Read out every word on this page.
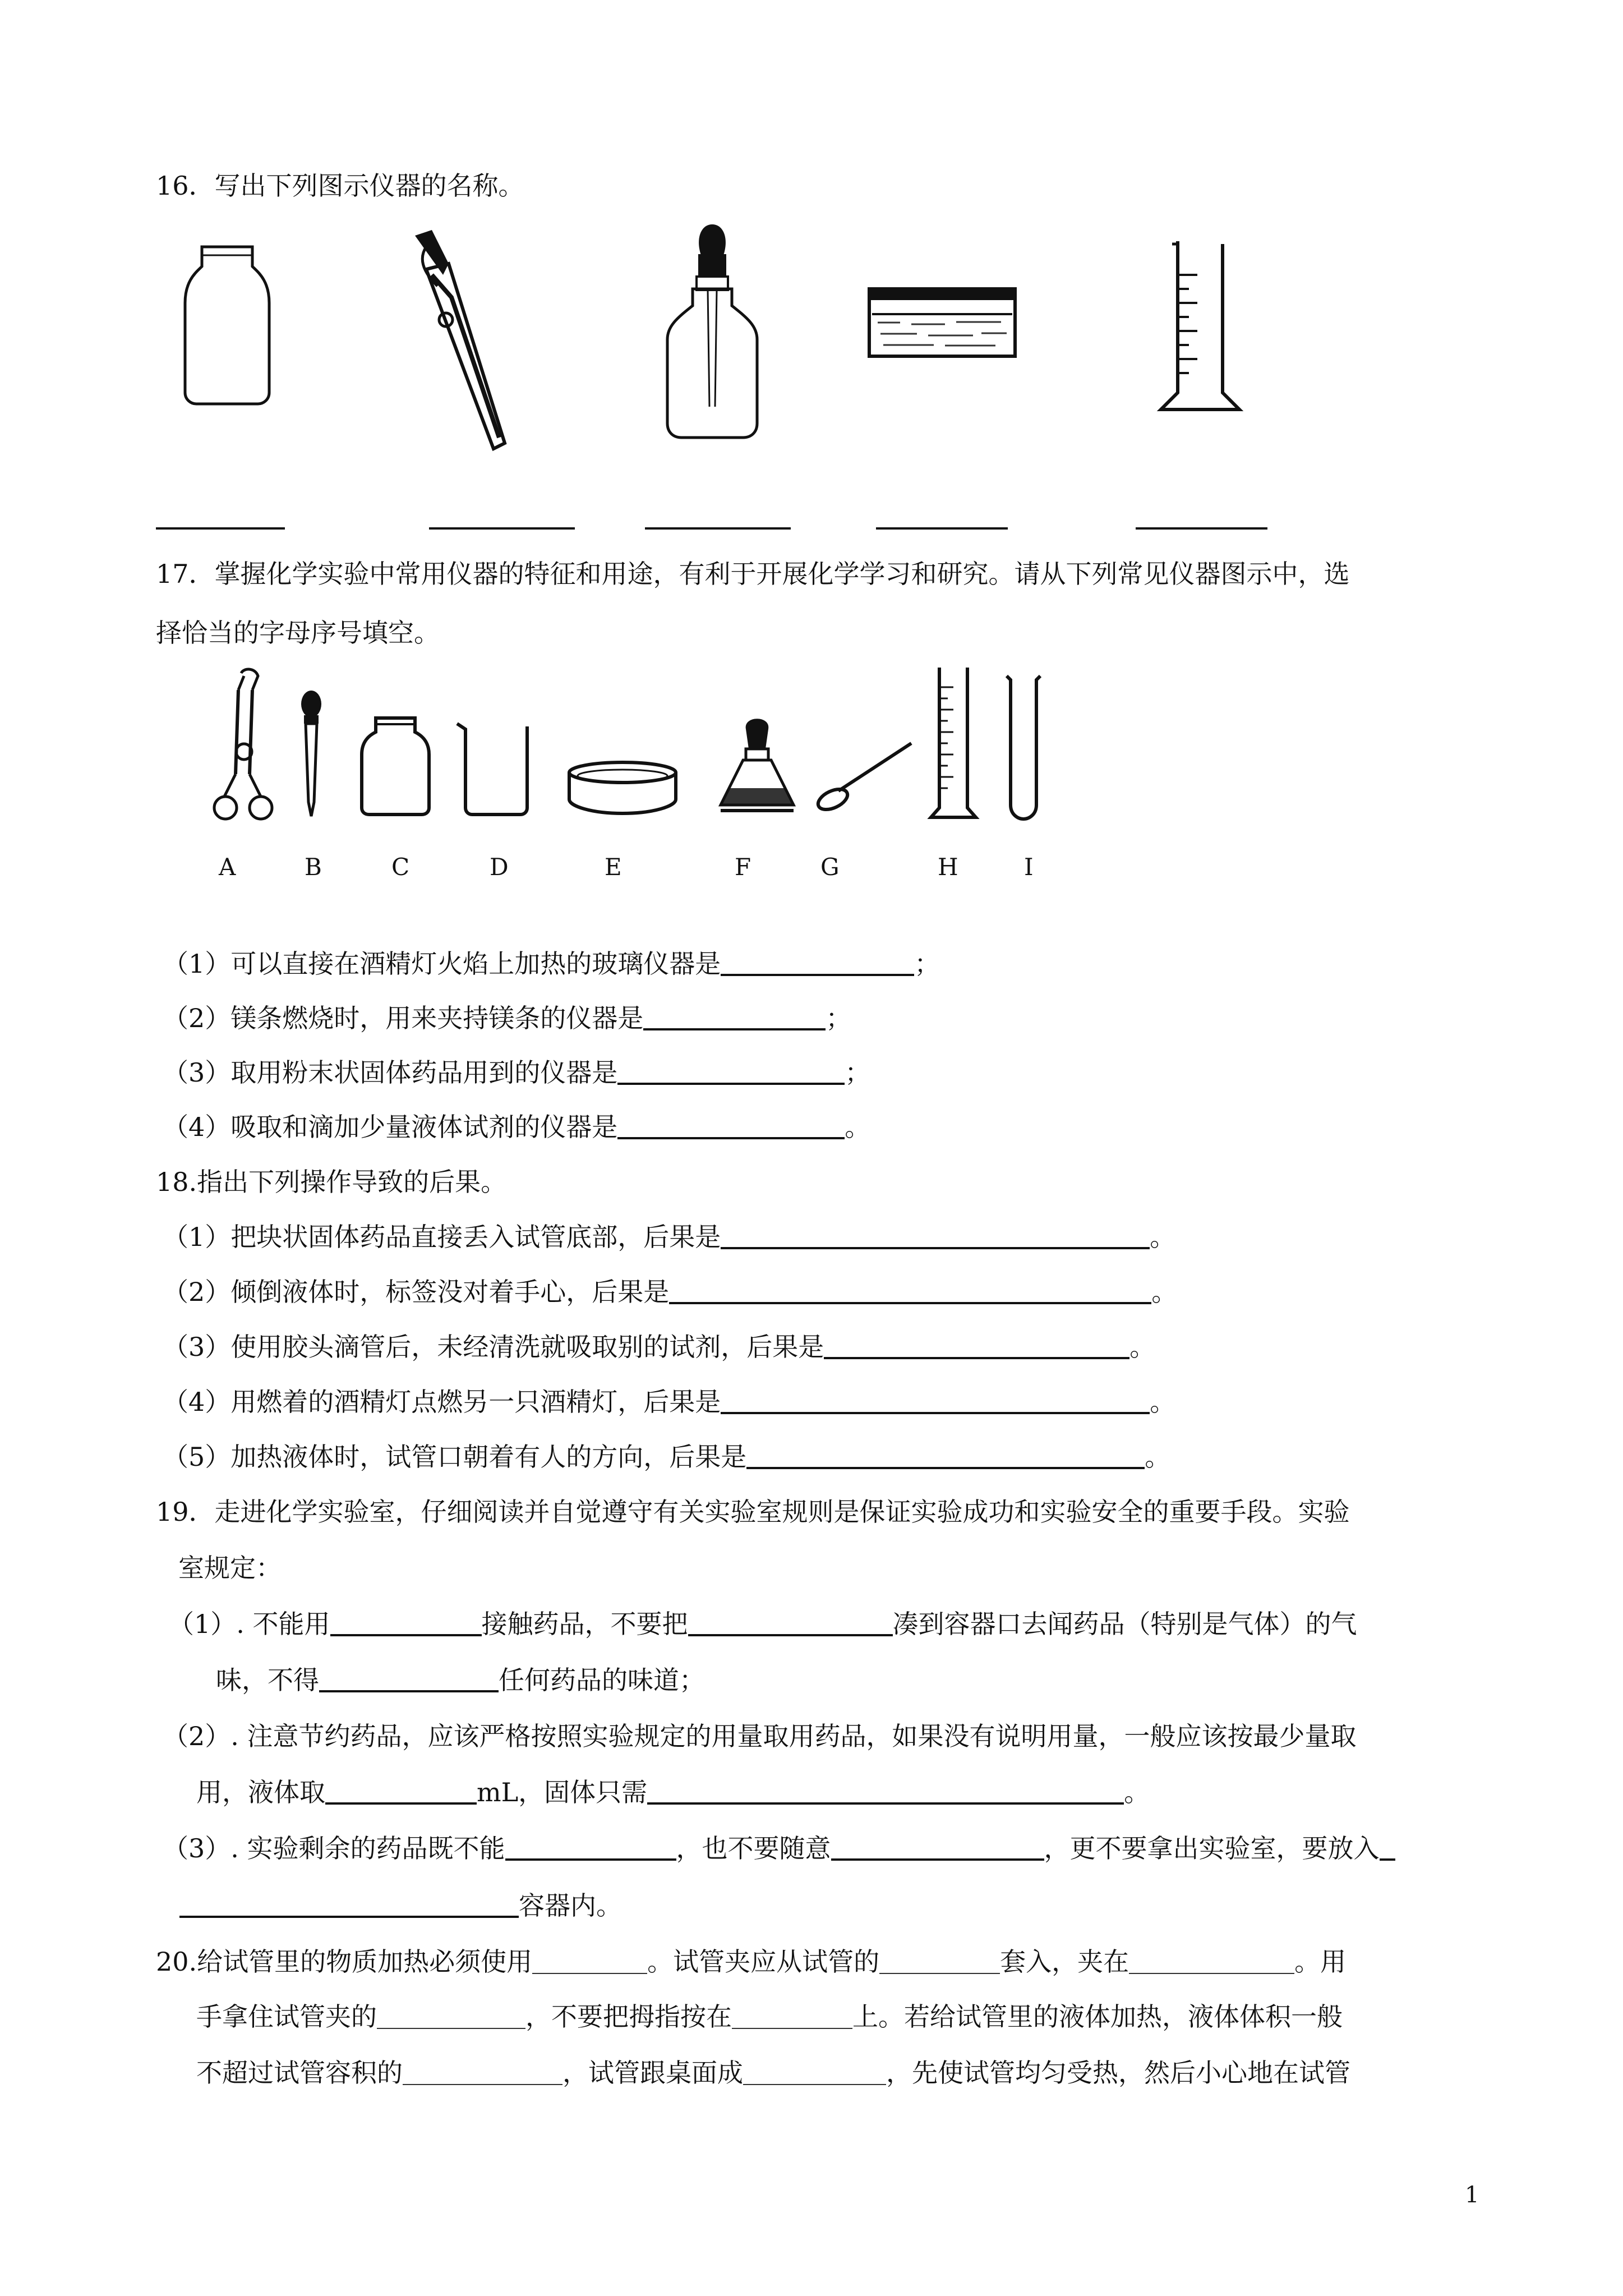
16．写出下列图示仪器的名称。
17．掌握化学实验中常用仪器的特征和用途，有利于开展化学学习和研究。请从下列常见仪器图示中，选
择恰当的字母序号填空。
A	B	C	D	E	F	G	H	I
（1）可以直接在酒精灯火焰上加热的玻璃仪器是	；
（2）镁条燃烧时，用来夹持镁条的仪器是	；
（3）取用粉末状固体药品用到的仪器是	；
（4）吸取和滴加少量液体试剂的仪器是	。
18.指出下列操作导致的后果。
（1）把块状固体药品直接丢入试管底部，后果是	。
（2）倾倒液体时，标签没对着手心，后果是	。
（3）使用胶头滴管后，未经清洗就吸取别的试剂，后果是	。
（4）用燃着的酒精灯点燃另一只酒精灯，后果是	。
（5）加热液体时，试管口朝着有人的方向，后果是	。
19．走进化学实验室，仔细阅读并自觉遵守有关实验室规则是保证实验成功和实验安全的重要手段。实验
室规定：
（1）. 不能用	接触药品，不要把	凑到容器口去闻药品（特别是气体）的气
味，不得	任何药品的味道；
（2）. 注意节约药品，应该严格按照实验规定的用量取用药品，如果没有说明用量，一般应该按最少量取
用，液体取	mL，固体只需	。
（3）. 实验剩余的药品既不能	，也不要随意	，更不要拿出实验室，要放入
容器内。
20.给试管里的物质加热必须使用	。试管夹应从试管的	套入，夹在	。用
手拿住试管夹的	，不要把拇指按在	上。若给试管里的液体加热，液体体积一般
不超过试管容积的	，试管跟桌面成	，先使试管均匀受热，然后小心地在试管
1
